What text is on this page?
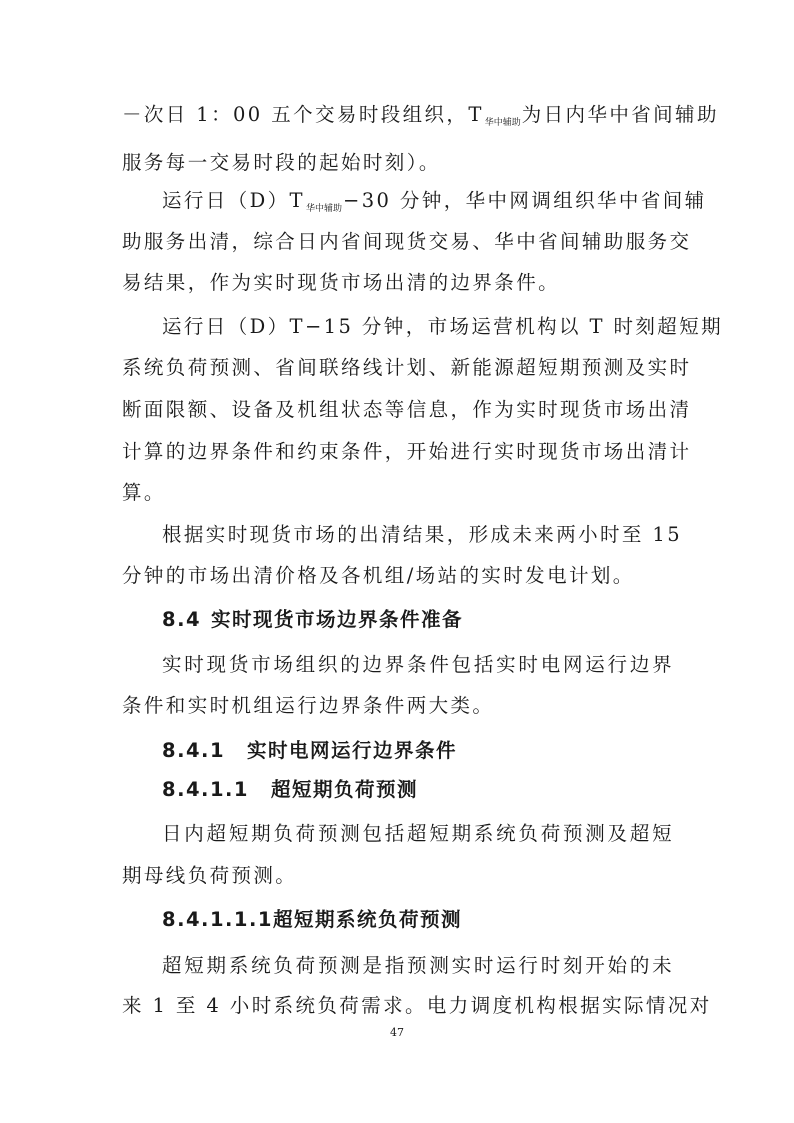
－次日 1：00 五个交易时段组织，$T_{华中辅助}$为日内华中省间辅助
服务每一交易时段的起始时刻）。
运行日$(D)T_{华中辅助}-30$ 分钟，华中网调组织华中省间辅
助服务出清，综合日内省间现货交易、华中省间辅助服务交
易结果，作为实时现货市场出清的边界条件。
运行日（D）T−15 分钟，市场运营机构以 T 时刻超短期
系统负荷预测、省间联络线计划、新能源超短期预测及实时
断面限额、设备及机组状态等信息，作为实时现货市场出清
计算的边界条件和约束条件，开始进行实时现货市场出清计
算。
根据实时现货市场的出清结果，形成未来两小时至 15
分钟的市场出清价格及各机组/场站的实时发电计划。
8.4 实时现货市场边界条件准备
实时现货市场组织的边界条件包括实时电网运行边界
条件和实时机组运行边界条件两大类。
8.4.1 实时电网运行边界条件
8.4.1.1 超短期负荷预测
日内超短期负荷预测包括超短期系统负荷预测及超短
期母线负荷预测。
8.4.1.1.1超短期系统负荷预测
超短期系统负荷预测是指预测实时运行时刻开始的未
来 1 至 4 小时系统负荷需求。电力调度机构根据实际情况对
47
